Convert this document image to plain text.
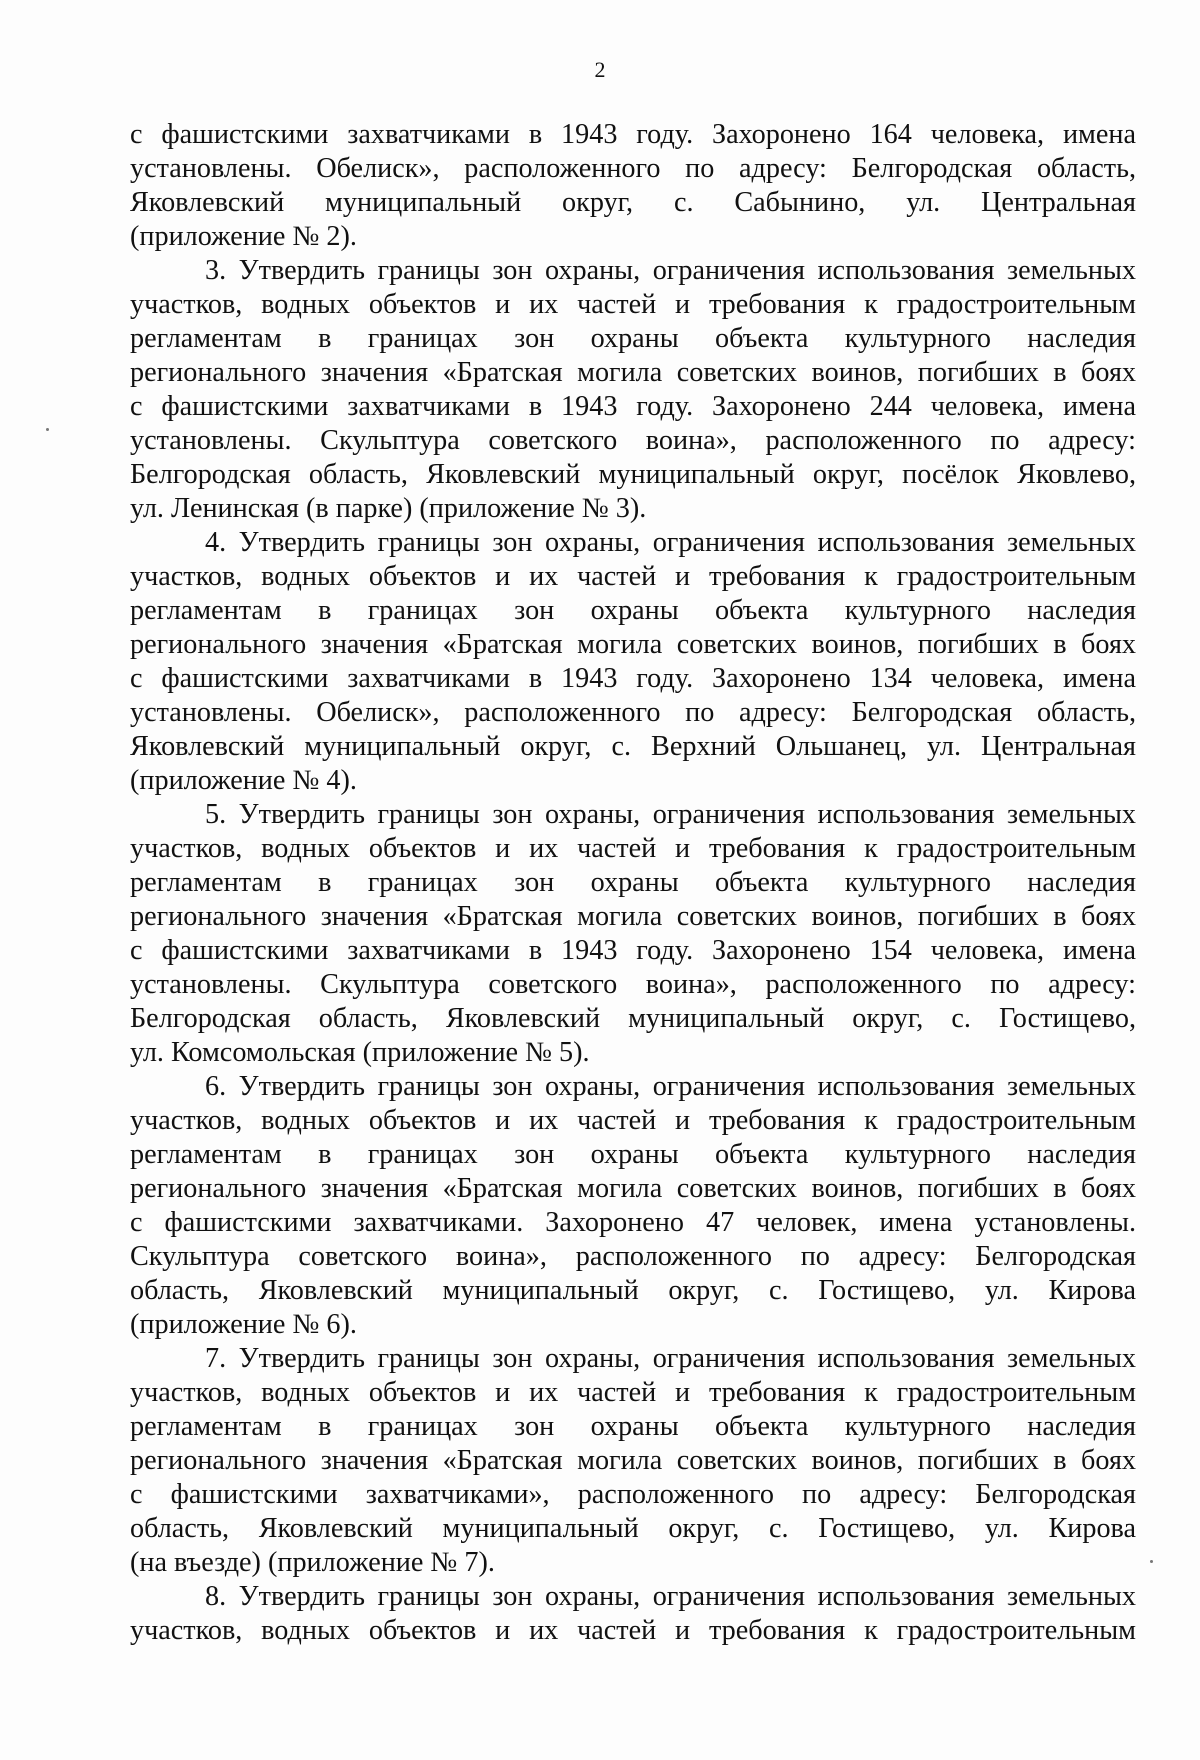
2
с фашистскими захватчиками в 1943 году. Захоронено 164 человека, имена
установлены. Обелиск», расположенного по адресу: Белгородская область,
Яковлевский муниципальный округ, с. Сабынино, ул. Центральная
(приложение № 2).
3. Утвердить границы зон охраны, ограничения использования земельных
участков, водных объектов и их частей и требования к градостроительным
регламентам в границах зон охраны объекта культурного наследия
регионального значения «Братская могила советских воинов, погибших в боях
с фашистскими захватчиками в 1943 году. Захоронено 244 человека, имена
установлены. Скульптура советского воина», расположенного по адресу:
Белгородская область, Яковлевский муниципальный округ, посёлок Яковлево,
ул. Ленинская (в парке) (приложение № 3).
4. Утвердить границы зон охраны, ограничения использования земельных
участков, водных объектов и их частей и требования к градостроительным
регламентам в границах зон охраны объекта культурного наследия
регионального значения «Братская могила советских воинов, погибших в боях
с фашистскими захватчиками в 1943 году. Захоронено 134 человека, имена
установлены. Обелиск», расположенного по адресу: Белгородская область,
Яковлевский муниципальный округ, с. Верхний Ольшанец, ул. Центральная
(приложение № 4).
5. Утвердить границы зон охраны, ограничения использования земельных
участков, водных объектов и их частей и требования к градостроительным
регламентам в границах зон охраны объекта культурного наследия
регионального значения «Братская могила советских воинов, погибших в боях
с фашистскими захватчиками в 1943 году. Захоронено 154 человека, имена
установлены. Скульптура советского воина», расположенного по адресу:
Белгородская область, Яковлевский муниципальный округ, с. Гостищево,
ул. Комсомольская (приложение № 5).
6. Утвердить границы зон охраны, ограничения использования земельных
участков, водных объектов и их частей и требования к градостроительным
регламентам в границах зон охраны объекта культурного наследия
регионального значения «Братская могила советских воинов, погибших в боях
с фашистскими захватчиками. Захоронено 47 человек, имена установлены.
Скульптура советского воина», расположенного по адресу: Белгородская
область, Яковлевский муниципальный округ, с. Гостищево, ул. Кирова
(приложение № 6).
7. Утвердить границы зон охраны, ограничения использования земельных
участков, водных объектов и их частей и требования к градостроительным
регламентам в границах зон охраны объекта культурного наследия
регионального значения «Братская могила советских воинов, погибших в боях
с фашистскими захватчиками», расположенного по адресу: Белгородская
область, Яковлевский муниципальный округ, с. Гостищево, ул. Кирова
(на въезде) (приложение № 7).
8. Утвердить границы зон охраны, ограничения использования земельных
участков, водных объектов и их частей и требования к градостроительным
